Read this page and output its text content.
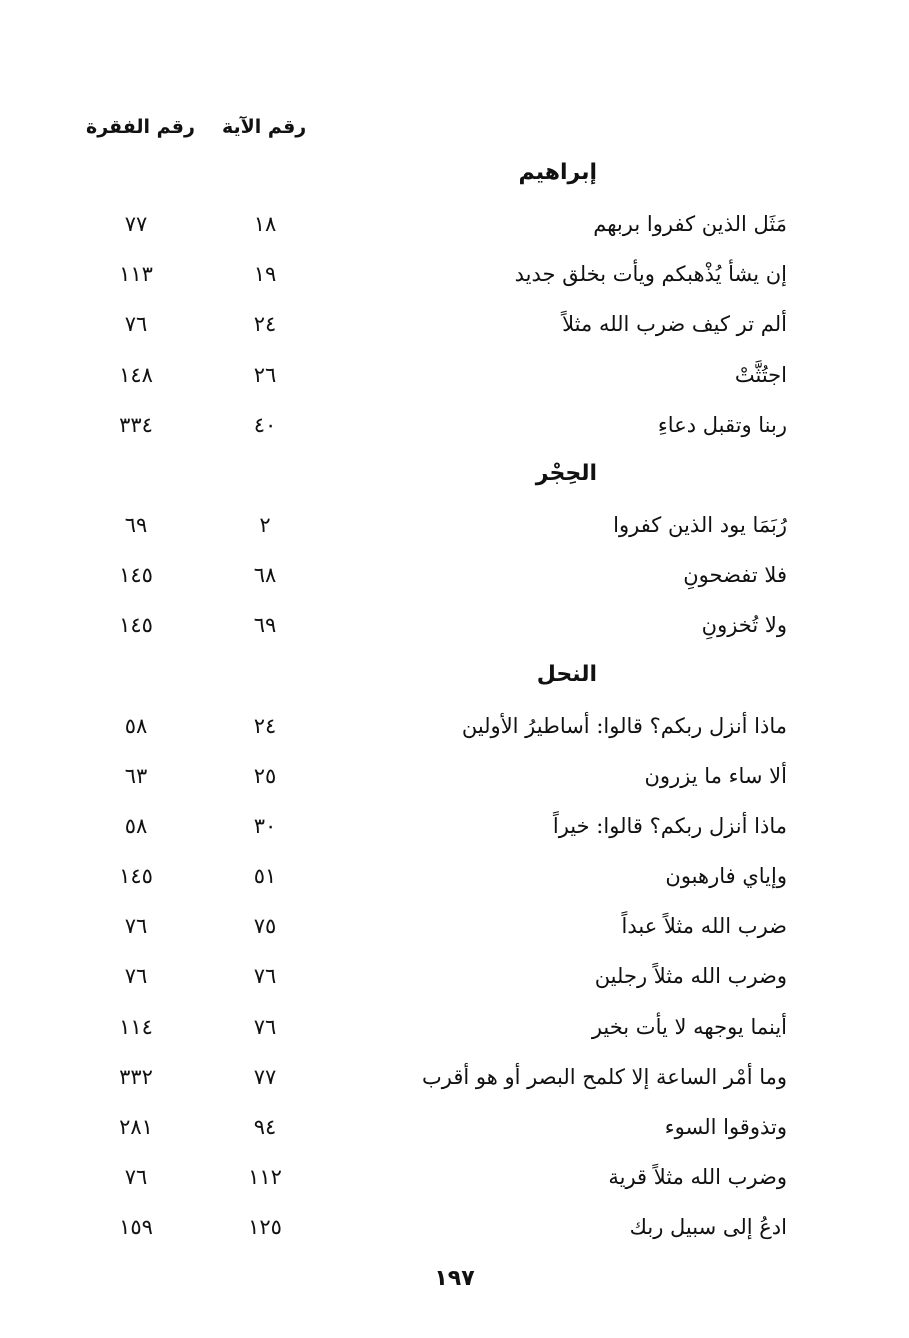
رقم الآية
رقم الفقرة
إبراهيم
مَثَل الذين كفروا بربهم
١٨
٧٧
إن يشأ يُذْهبكم ويأت بخلق جديد
١٩
١١٣
ألم تر كيف ضرب الله مثلاً
٢٤
٧٦
اجتُثَّتْ
٢٦
١٤٨
ربنا وتقبل دعاءِ
٤٠
٣٣٤
الحِجْر
رُبَمَا يود الذين كفروا
٢
٦٩
فلا تفضحونِ
٦٨
١٤٥
ولا تُخزونِ
٦٩
١٤٥
النحل
ماذا أنزل ربكم؟ قالوا: أساطيرُ الأولين
٢٤
٥٨
ألا ساء ما يزرون
٢٥
٦٣
ماذا أنزل ربكم؟ قالوا: خيراً
٣٠
٥٨
وإياي فارهبون
٥١
١٤٥
ضرب الله مثلاً عبداً
٧٥
٧٦
وضرب الله مثلاً رجلين
٧٦
٧٦
أينما يوجهه لا يأت بخير
٧٦
١١٤
وما أمْر الساعة إلا كلمح البصر أو هو أقرب
٧٧
٣٣٢
وتذوقوا السوء
٩٤
٢٨١
وضرب الله مثلاً قرية
١١٢
٧٦
ادعُ إلى سبيل ربك
١٢٥
١٥٩
١٩٧
